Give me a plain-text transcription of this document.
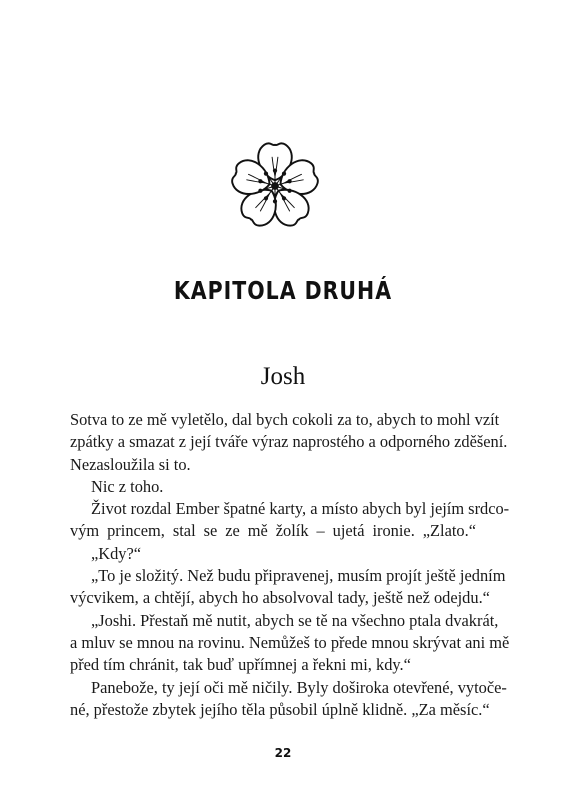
KAPITOLA DRUHÁ
Josh

Sotva to ze mě vyletělo, dal bych cokoli za to, abych to mohl vzít
zpátky a smazat z její tváře výraz naprostého a odporného zděšení.
Nezasloužila si to.

Nic z toho.

Život rozdal Ember špatné karty, a místo abych byl jejím srdco-
vým princem, stal se ze mě žolík – ujetá ironie. „Zlato.“

„Kdy?“

„To je složitý. Než budu připravenej, musím projít ještě jedním
výcvikem, a chtějí, abych ho absolvoval tady, ještě než odejdu.“

„Joshi. Přestaň mě nutit, abych se tě na všechno ptala dvakrát,
a mluv se mnou na rovinu. Nemůžeš to přede mnou skrývat ani mě
před tím chránit, tak buď upřímnej a řekni mi, kdy.“

Panebože, ty její oči mě ničily. Byly doširoka otevřené, vytoče-
né, přestože zbytek jejího těla působil úplně klidně. „Za měsíc.“

22
